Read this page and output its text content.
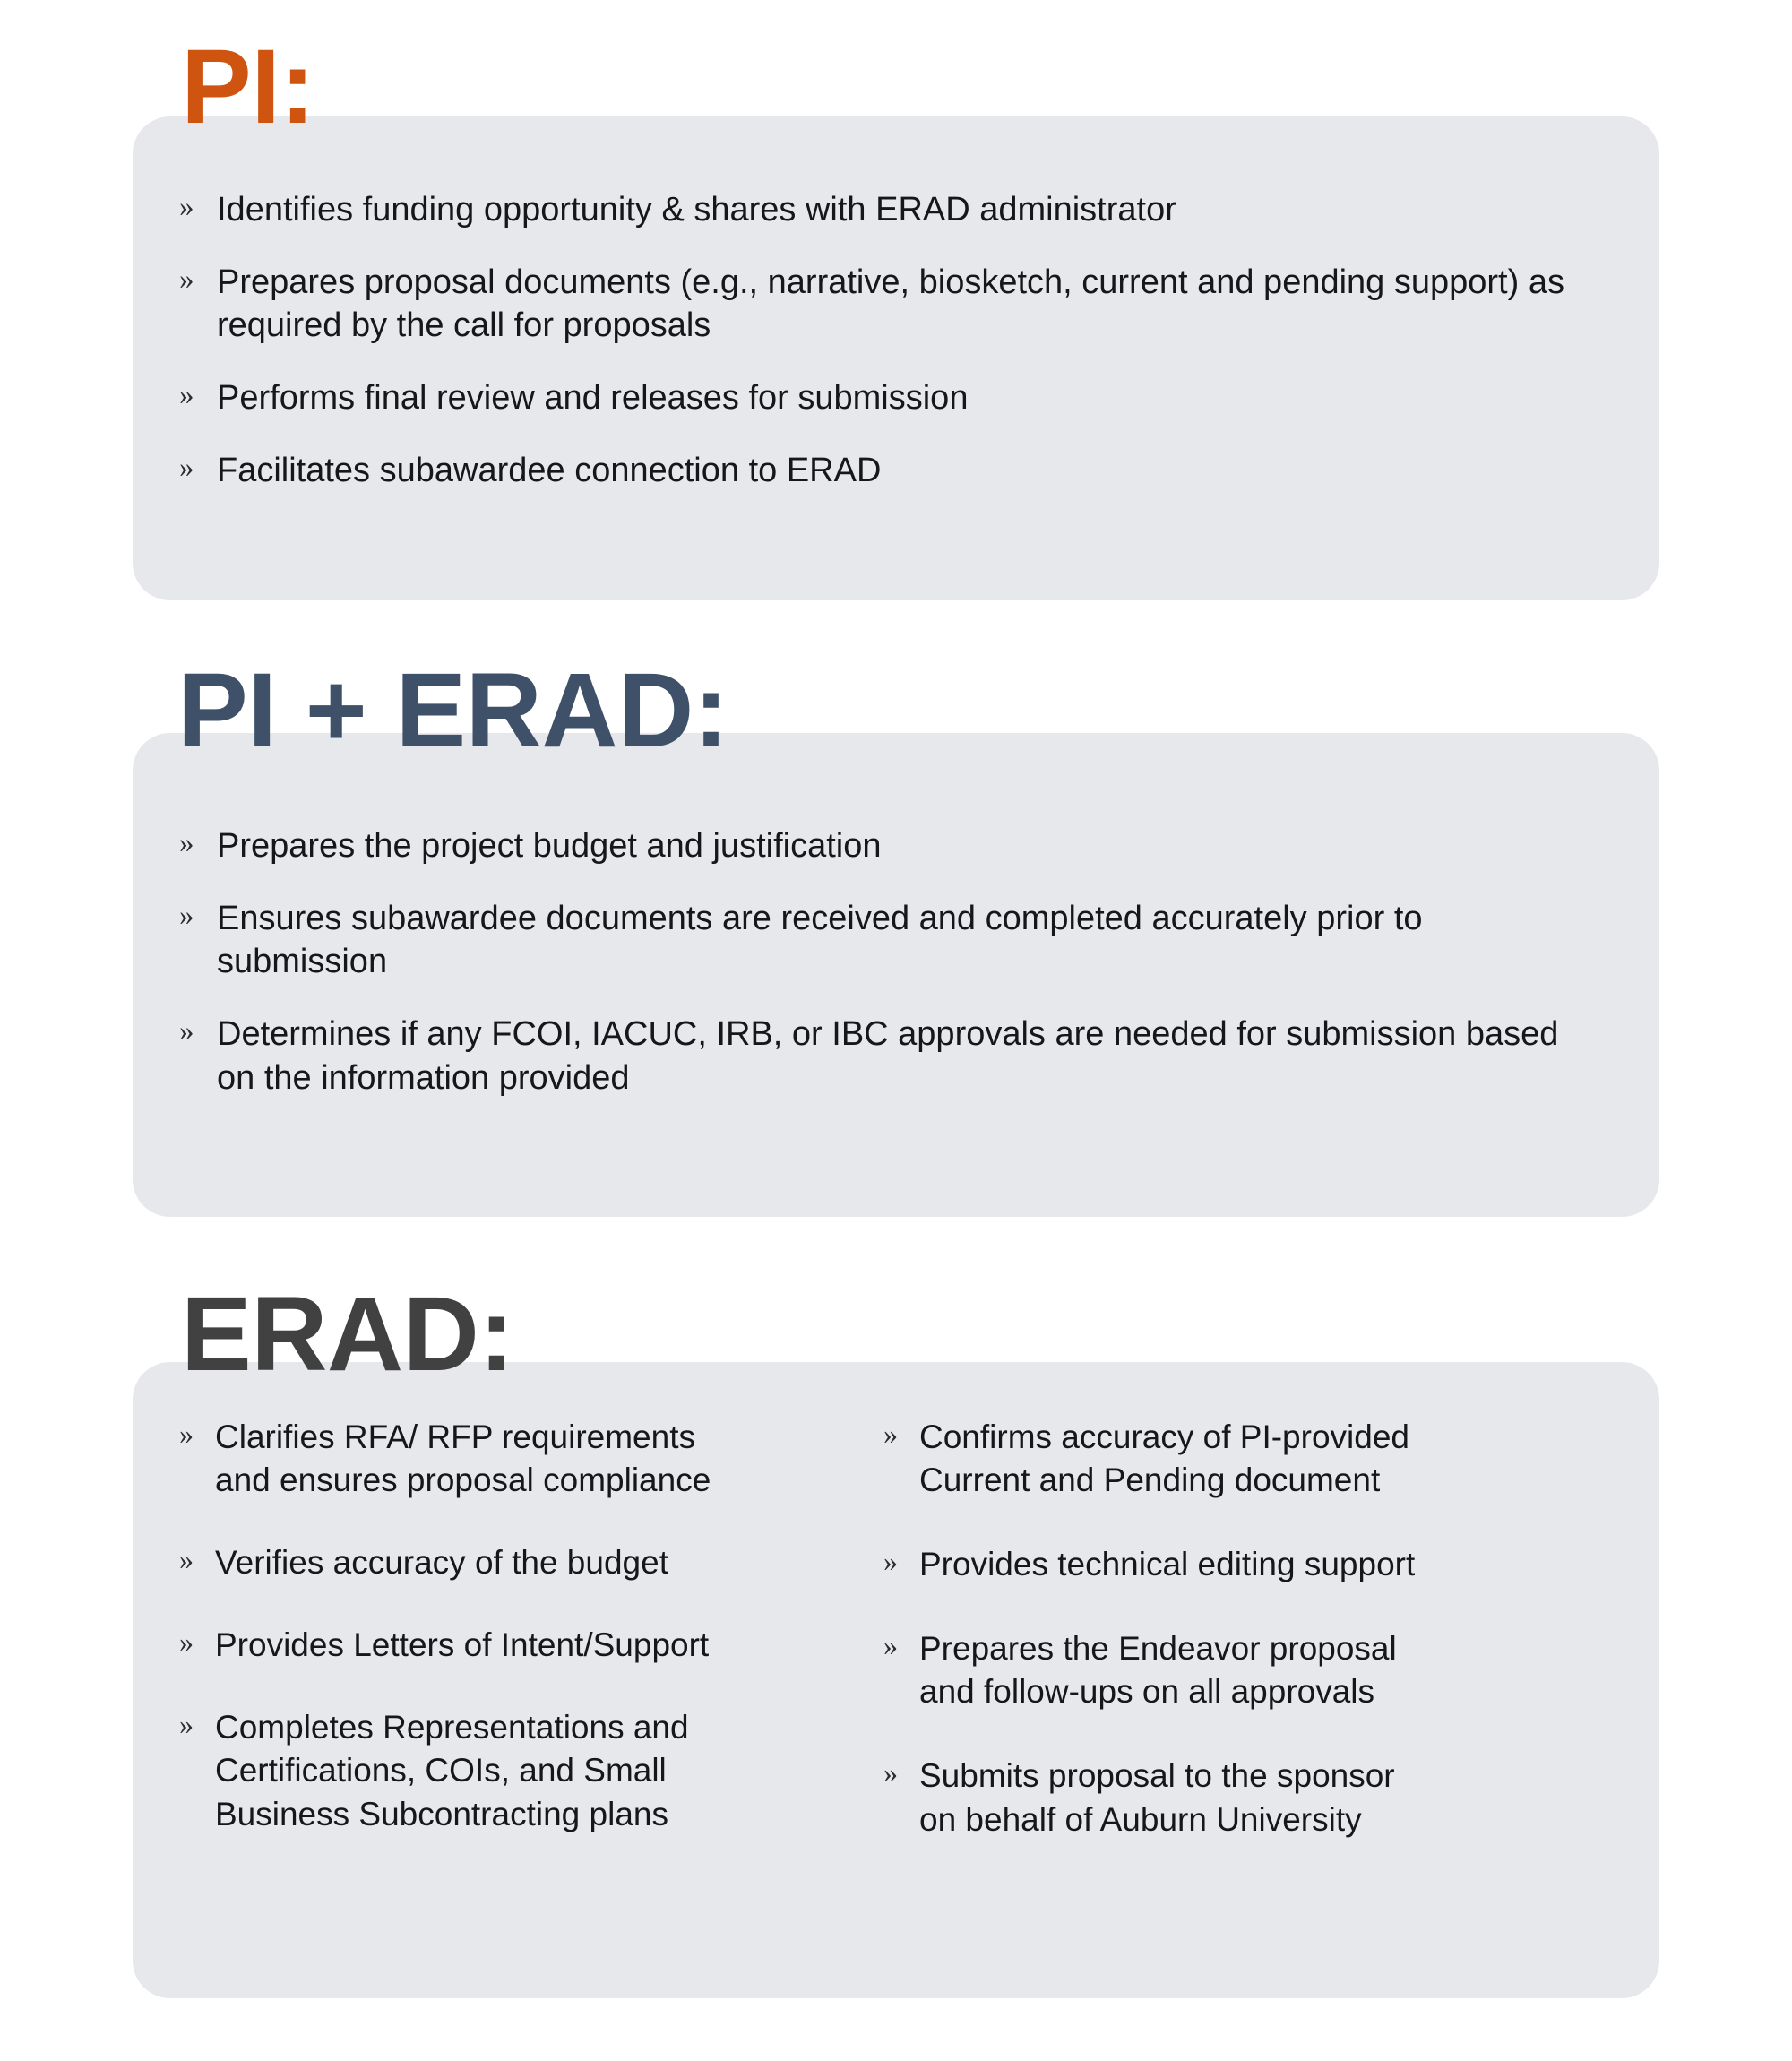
PI:
» Identifies funding opportunity & shares with ERAD administrator
» Prepares proposal documents (e.g., narrative, biosketch, current and pending support) as required by the call for proposals
» Performs final review and releases for submission
» Facilitates subawardee connection to ERAD
PI + ERAD:
» Prepares the project budget and justification
» Ensures subawardee documents are received and completed accurately prior to submission
» Determines if any FCOI, IACUC, IRB, or IBC approvals are needed for submission based on the information provided
ERAD:
» Clarifies RFA/ RFP requirements and ensures proposal compliance
» Verifies accuracy of the budget
» Provides Letters of Intent/Support
» Completes Representations and Certifications, COIs, and Small Business Subcontracting plans
» Confirms accuracy of PI-provided Current and Pending document
» Provides technical editing support
» Prepares the Endeavor proposal and follow-ups on all approvals
» Submits proposal to the sponsor on behalf of Auburn University
